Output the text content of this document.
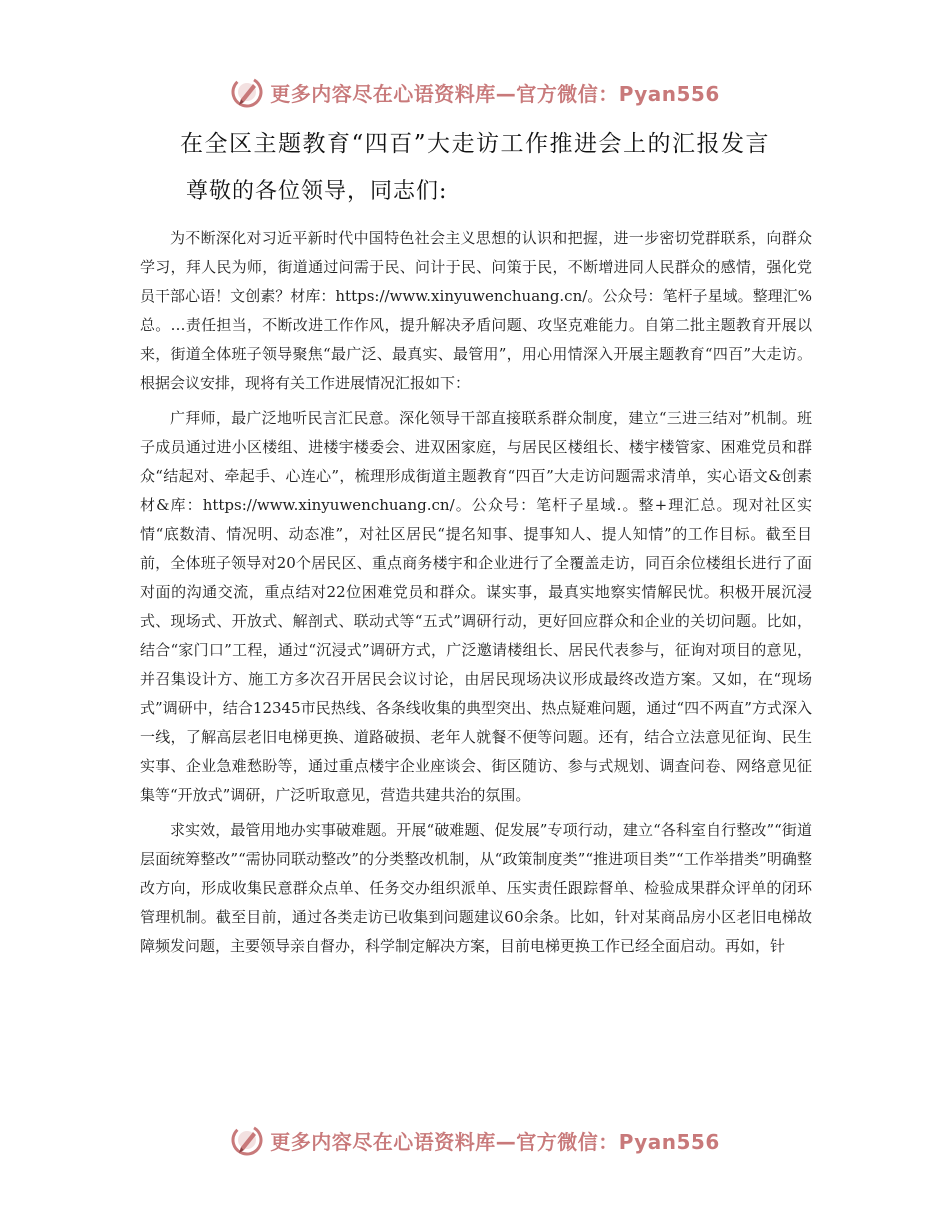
更多内容尽在心语资料库—官方微信：Pyan556
在全区主题教育“四百”大走访工作推进会上的汇报发言

尊敬的各位领导，同志们:

为不断深化对习近平新时代中国特色社会主义思想的认识和把握，进一步密切党群联系，向群众学习，拜人民为师，街道通过问需于民、问计于民、问策于民，不断增进同人民群众的感情，强化党员干部心语！文创素？材库：https://www.xinyuwenchuang.cn/。公众号：笔杆子星域。整理汇%总。…责任担当，不断改进工作作风，提升解决矛盾问题、攻坚克难能力。自第二批主题教育开展以来，街道全体班子领导聚焦“最广泛、最真实、最管用”，用心用情深入开展主题教育“四百”大走访。根据会议安排，现将有关工作进展情况汇报如下：

广拜师，最广泛地听民言汇民意。深化领导干部直接联系群众制度，建立“三进三结对”机制。班子成员通过进小区楼组、进楼宇楼委会、进双困家庭，与居民区楼组长、楼宇楼管家、困难党员和群众“结起对、牵起手、心连心”，梳理形成街道主题教育“四百”大走访问题需求清单，实心语文&创素材&库：https://www.xinyuwenchuang.cn/。公众号：笔杆子星域.。整+理汇总。现对社区实情“底数清、情况明、动态准”，对社区居民“提名知事、提事知人、提人知情”的工作目标。截至目前，全体班子领导对20个居民区、重点商务楼宇和企业进行了全覆盖走访，同百余位楼组长进行了面对面的沟通交流，重点结对22位困难党员和群众。谋实事，最真实地察实情解民忧。积极开展沉浸式、现场式、开放式、解剖式、联动式等“五式”调研行动，更好回应群众和企业的关切问题。比如，结合“家门口”工程，通过“沉浸式”调研方式，广泛邀请楼组长、居民代表参与，征询对项目的意见，并召集设计方、施工方多次召开居民会议讨论，由居民现场决议形成最终改造方案。又如，在“现场式”调研中，结合12345市民热线、各条线收集的典型突出、热点疑难问题，通过“四不两直”方式深入一线，了解高层老旧电梯更换、道路破损、老年人就餐不便等问题。还有，结合立法意见征询、民生实事、企业急难愁盼等，通过重点楼宇企业座谈会、街区随访、参与式规划、调查问卷、网络意见征集等“开放式”调研，广泛听取意见，营造共建共治的氛围。

求实效，最管用地办实事破难题。开展“破难题、促发展”专项行动，建立“各科室自行整改”“街道层面统筹整改”“需协同联动整改”的分类整改机制，从“政策制度类”“推进项目类”“工作举措类”明确整改方向，形成收集民意群众点单、任务交办组织派单、压实责任跟踪督单、检验成果群众评单的闭环管理机制。截至目前，通过各类走访已收集到问题建议60余条。比如，针对某商品房小区老旧电梯故障频发问题，主要领导亲自督办，科学制定解决方案，目前电梯更换工作已经全面启动。再如，针

更多内容尽在心语资料库—官方微信：Pyan556
